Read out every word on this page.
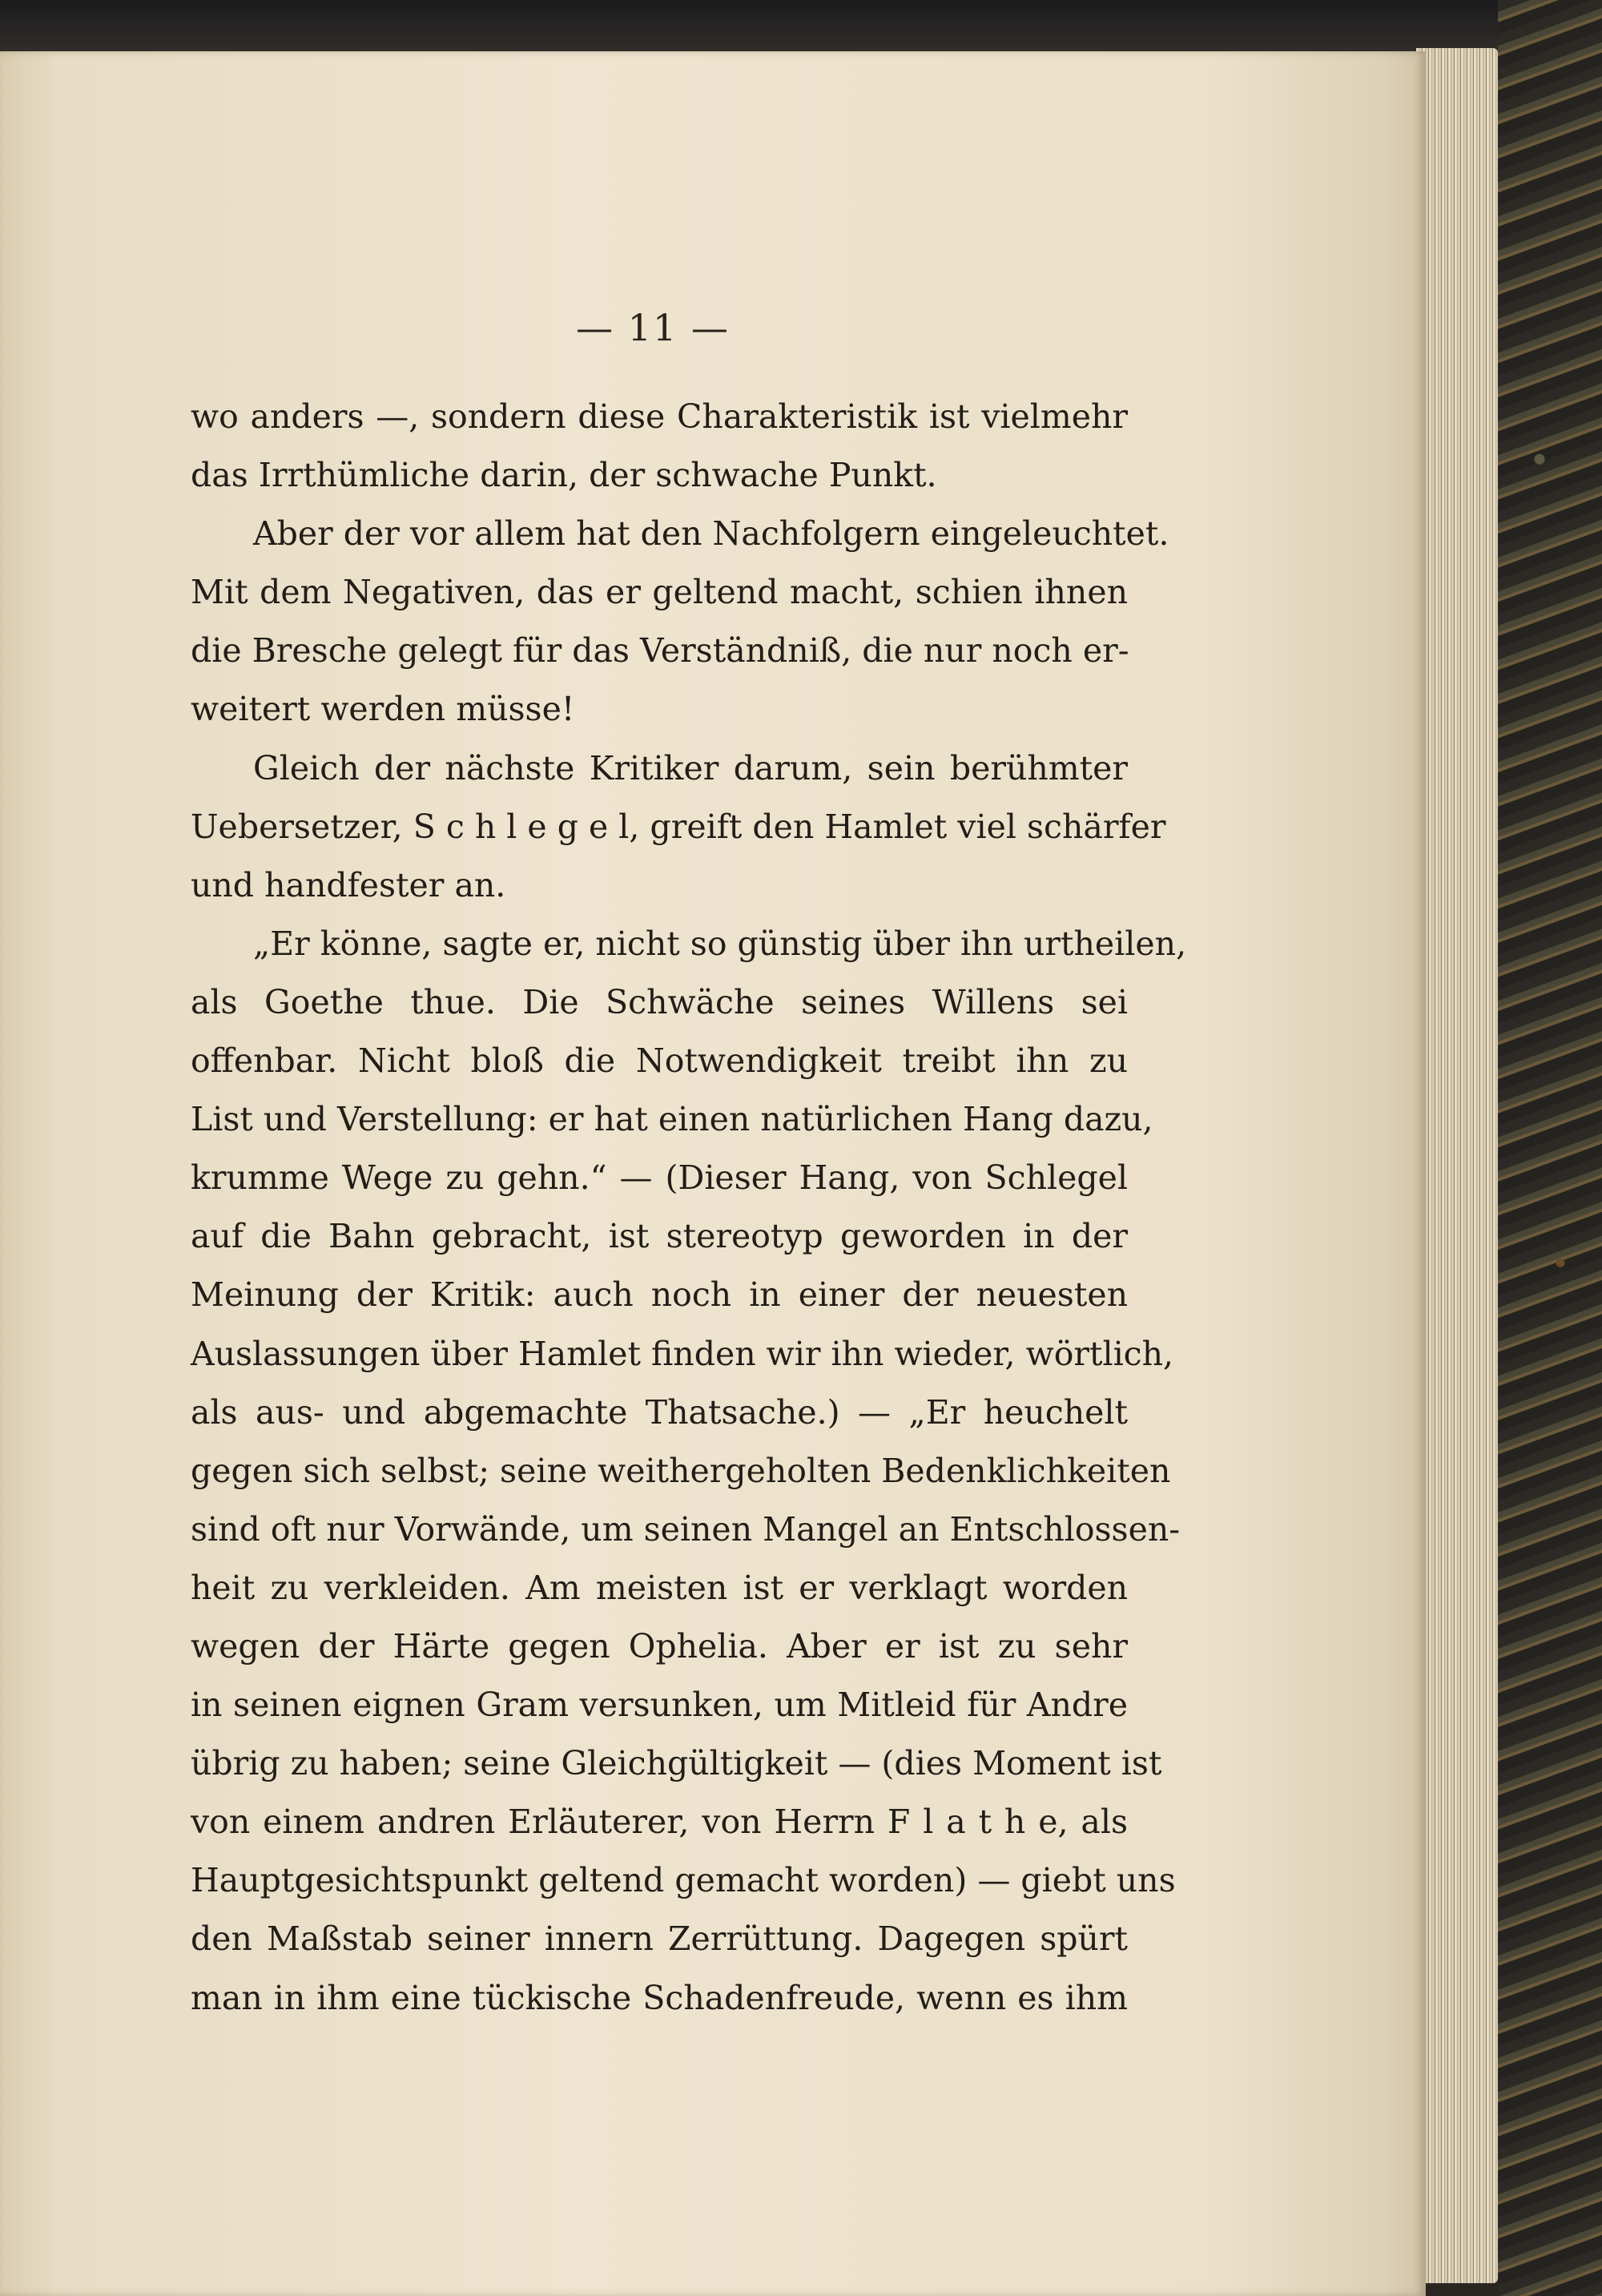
— 11 —
wo anders —, sondern diese Charakteristik ist vielmehr
das Irrthümliche darin, der schwache Punkt.
Aber der vor allem hat den Nachfolgern eingeleuchtet.
Mit dem Negativen, das er geltend macht, schien ihnen
die Bresche gelegt für das Verständniß, die nur noch er-
weitert werden müsse!
Gleich der nächste Kritiker darum, sein berühmter
Uebersetzer, S c h l e g e l, greift den Hamlet viel schärfer
und handfester an.
„Er könne, sagte er, nicht so günstig über ihn urtheilen,
als Goethe thue. Die Schwäche seines Willens sei
offenbar. Nicht bloß die Notwendigkeit treibt ihn zu
List und Verstellung: er hat einen natürlichen Hang dazu,
krumme Wege zu gehn.“ — (Dieser Hang, von Schlegel
auf die Bahn gebracht, ist stereotyp geworden in der
Meinung der Kritik: auch noch in einer der neuesten
Auslassungen über Hamlet finden wir ihn wieder, wörtlich,
als aus- und abgemachte Thatsache.) — „Er heuchelt
gegen sich selbst; seine weithergeholten Bedenklichkeiten
sind oft nur Vorwände, um seinen Mangel an Entschlossen-
heit zu verkleiden. Am meisten ist er verklagt worden
wegen der Härte gegen Ophelia. Aber er ist zu sehr
in seinen eignen Gram versunken, um Mitleid für Andre
übrig zu haben; seine Gleichgültigkeit — (dies Moment ist
von einem andren Erläuterer, von Herrn F l a t h e, als
Hauptgesichtspunkt geltend gemacht worden) — giebt uns
den Maßstab seiner innern Zerrüttung. Dagegen spürt
man in ihm eine tückische Schadenfreude, wenn es ihm
